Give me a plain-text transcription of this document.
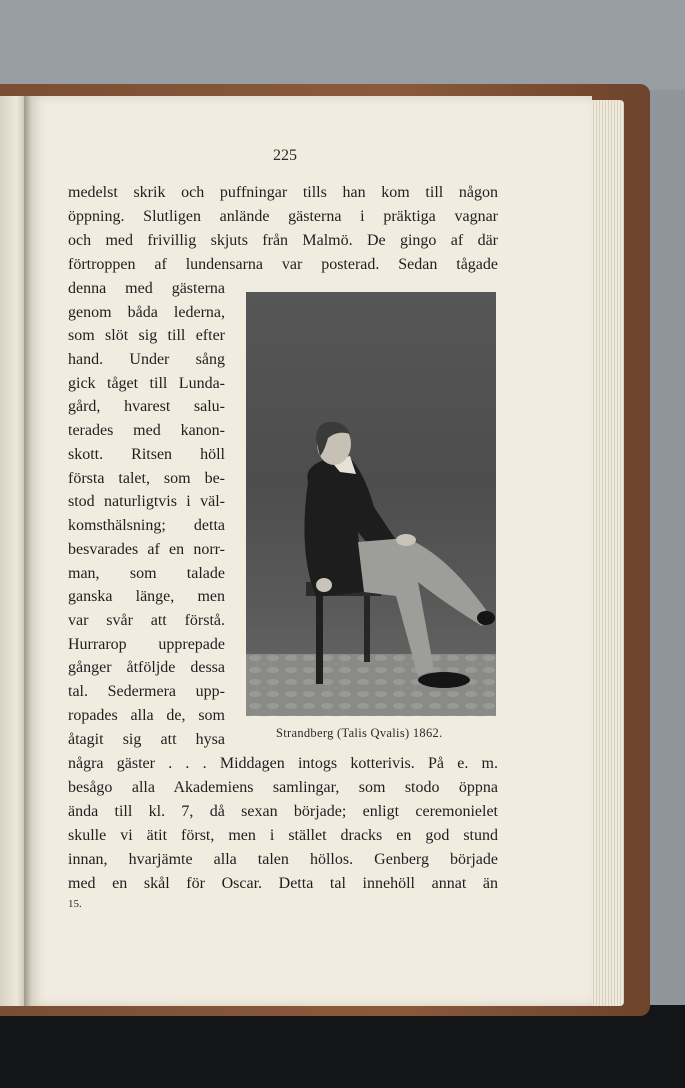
225
medelst skrik och puffningar tills han kom till någon
öppning. Slutligen anlände gästerna i präktiga vagnar
och med frivillig skjuts från Malmö. De gingo af där
förtroppen af lundensarna var posterad. Sedan tågade
denna med gästerna
genom båda lederna,
som slöt sig till efter
hand. Under sång
gick tåget till Lunda-
gård, hvarest salu-
terades med kanon-
skott. Ritsen höll
första talet, som be-
stod naturligtvis i väl-
komsthälsning; detta
besvarades af en norr-
man, som talade
ganska länge, men
var svår att förstå.
Hurrarop upprepade
gånger åtföljde dessa
tal. Sedermera upp-
ropades alla de, som
åtagit sig att hysa
några gäster . . . Middagen intogs kotterivis. På e. m.
besågo alla Akademiens samlingar, som stodo öppna
ända till kl. 7, då sexan började; enligt ceremonielet
skulle vi ätit först, men i stället dracks en god stund
innan, hvarjämte alla talen höllos. Genberg började
med en skål för Oscar. Detta tal innehöll annat än
Strandberg (Talis Qvalis) 1862.
15.
